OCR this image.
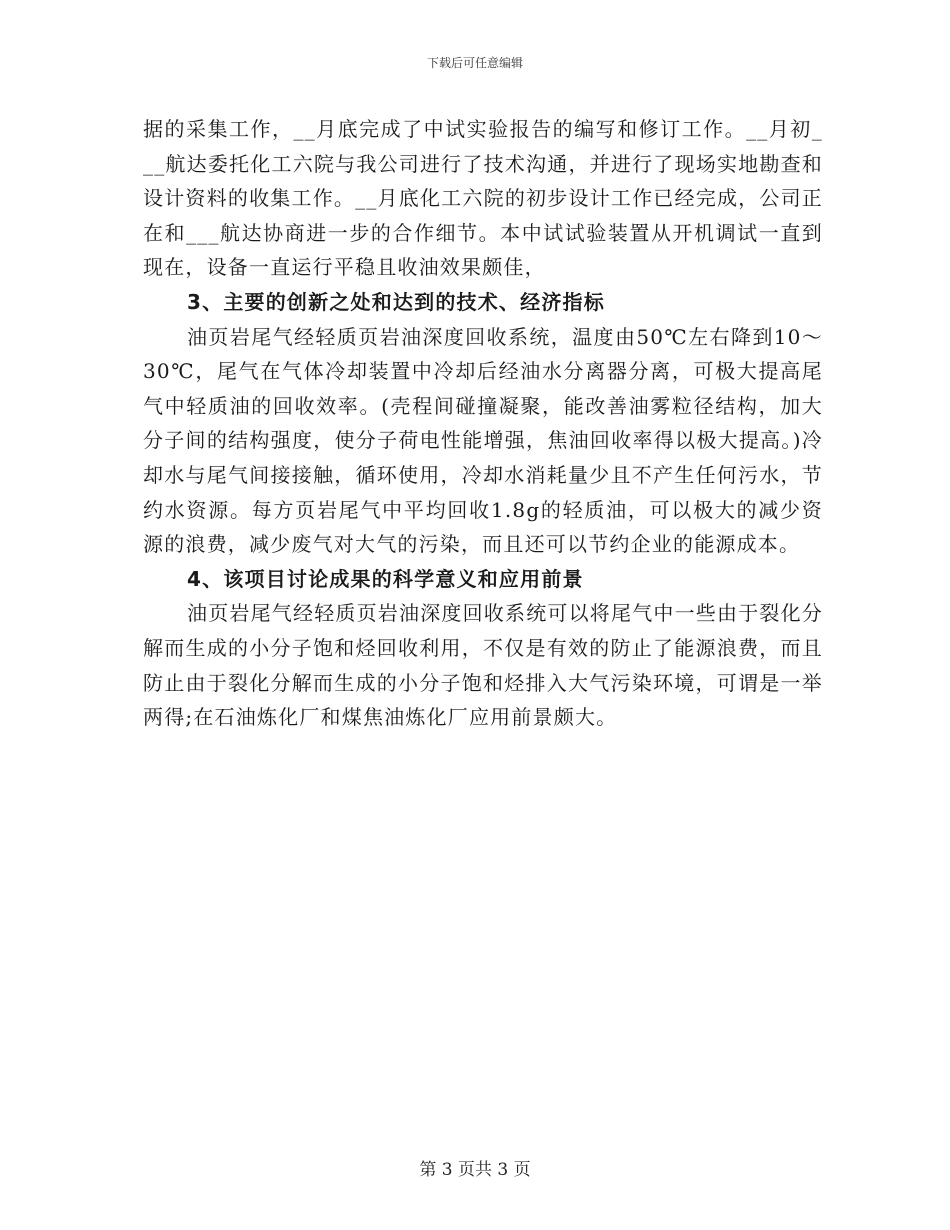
下载后可任意编辑

据的采集工作，__月底完成了中试实验报告的编写和修订工作。__月初___航达委托化工六院与我公司进行了技术沟通，并进行了现场实地勘查和设计资料的收集工作。__月底化工六院的初步设计工作已经完成，公司正在和___航达协商进一步的合作细节。本中试试验装置从开机调试一直到现在，设备一直运行平稳且收油效果颇佳，

3、主要的创新之处和达到的技术、经济指标

油页岩尾气经轻质页岩油深度回收系统，温度由50℃左右降到10～30℃，尾气在气体冷却装置中冷却后经油水分离器分离，可极大提高尾气中轻质油的回收效率。(壳程间碰撞凝聚，能改善油雾粒径结构，加大分子间的结构强度，使分子荷电性能增强，焦油回收率得以极大提高。)冷却水与尾气间接接触，循环使用，冷却水消耗量少且不产生任何污水，节约水资源。每方页岩尾气中平均回收1.8g的轻质油，可以极大的减少资源的浪费，减少废气对大气的污染，而且还可以节约企业的能源成本。

4、该项目讨论成果的科学意义和应用前景

油页岩尾气经轻质页岩油深度回收系统可以将尾气中一些由于裂化分解而生成的小分子饱和烃回收利用，不仅是有效的防止了能源浪费，而且防止由于裂化分解而生成的小分子饱和烃排入大气污染环境，可谓是一举两得;在石油炼化厂和煤焦油炼化厂应用前景颇大。

第 3 页共 3 页
